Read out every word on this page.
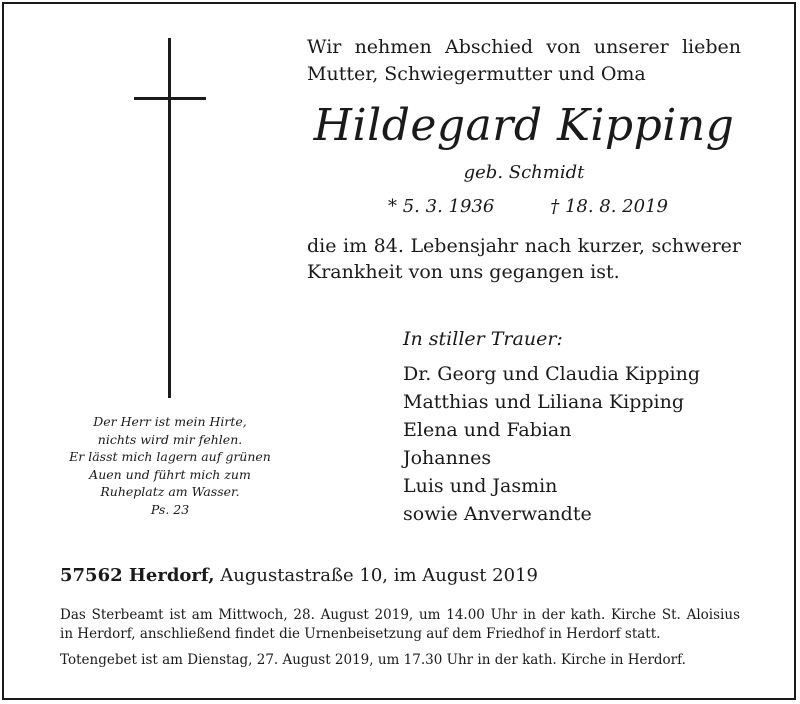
Der Herr ist mein Hirte,
nichts wird mir fehlen.
Er lässt mich lagern auf grünen
Auen und führt mich zum
Ruheplatz am Wasser.
Ps. 23
Wir nehmen Abschied von unserer lieben
Mutter, Schwiegermutter und Oma
Hildegard Kipping
geb. Schmidt
* 5. 3. 1936	† 18. 8. 2019
die im 84. Lebensjahr nach kurzer, schwerer
Krankheit von uns gegangen ist.
In stiller Trauer:
Dr. Georg und Claudia Kipping
Matthias und Liliana Kipping
Elena und Fabian
Johannes
Luis und Jasmin
sowie Anverwandte
57562 Herdorf, Augustastraße 10, im August 2019
Das Sterbeamt ist am Mittwoch, 28. August 2019, um 14.00 Uhr in der kath. Kirche St. Aloisius
in Herdorf, anschließend findet die Urnenbeisetzung auf dem Friedhof in Herdorf statt.
Totengebet ist am Dienstag, 27. August 2019, um 17.30 Uhr in der kath. Kirche in Herdorf.
